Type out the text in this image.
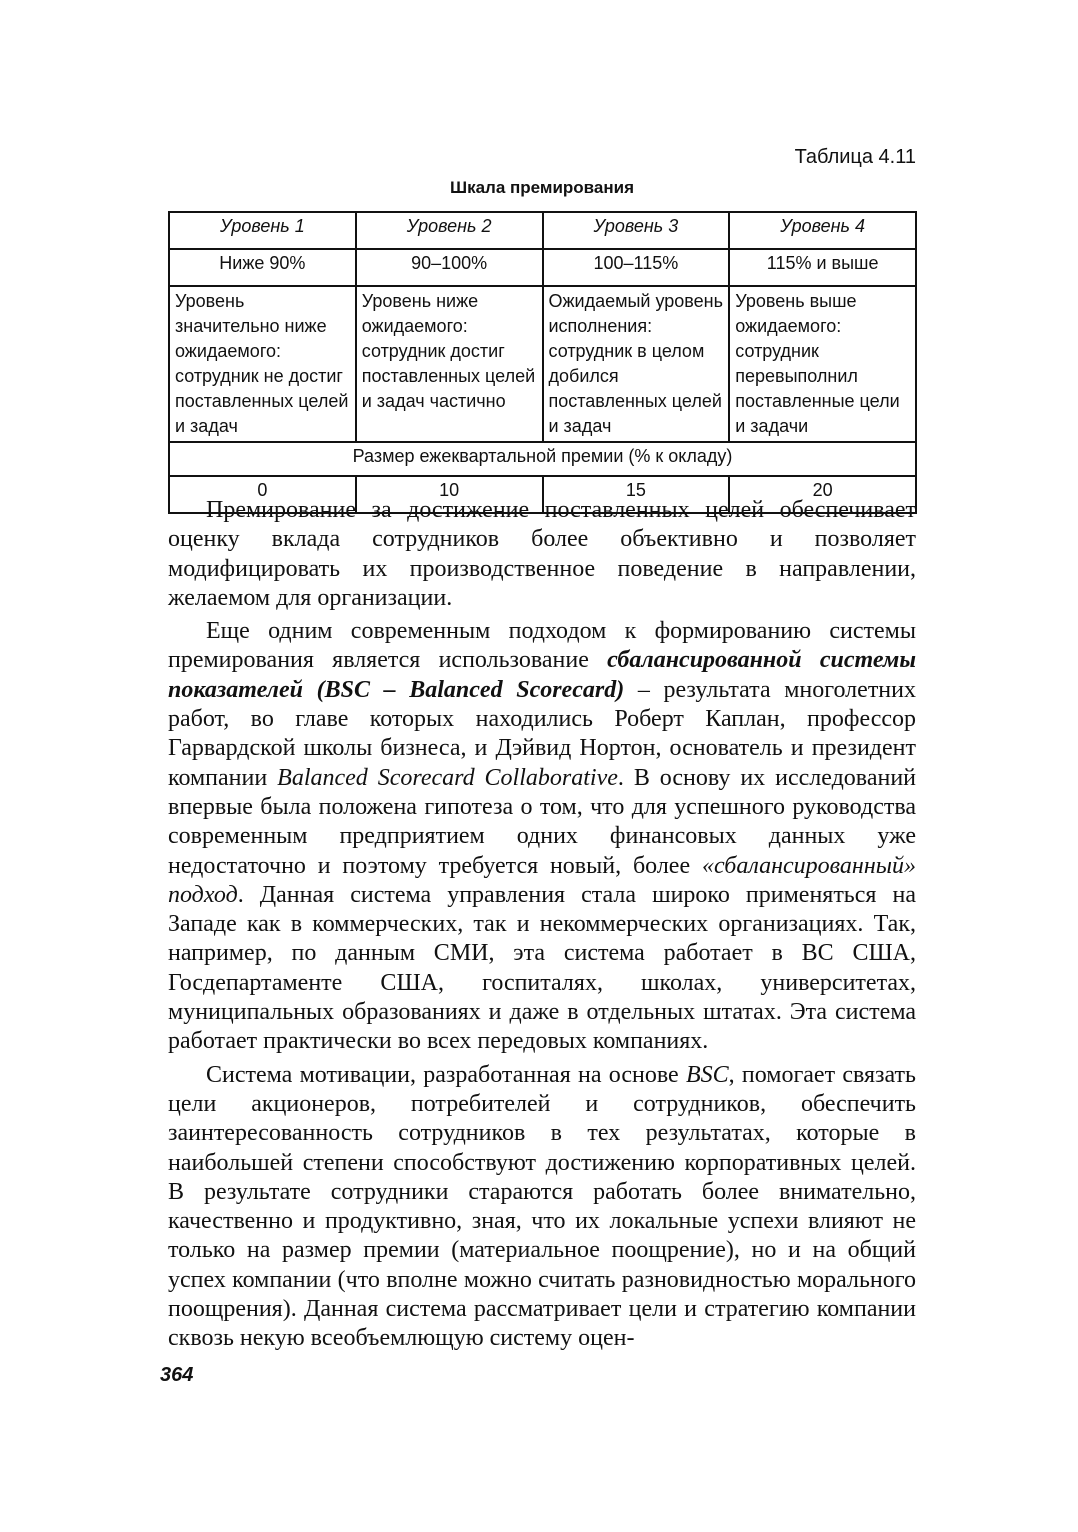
Таблица 4.11
Шкала премирования
Уровень 1	Уровень 2	Уровень 3	Уровень 4
Ниже 90%	90–100%	100–115%	115% и выше
Уровень значительно ниже ожидаемого: сотрудник не достиг поставленных целей и задач	Уровень ниже ожидаемого: сотрудник достиг поставленных целей и задач частично	Ожидаемый уровень исполнения: сотрудник в целом добился поставленных целей и задач	Уровень выше ожидаемого: сотрудник перевыполнил поставленные цели и задачи
Размер ежеквартальной премии (% к окладу)			
0	10	15	20

Премирование за достижение поставленных целей обеспечивает оценку вклада сотрудников более объективно и позволяет модифицировать их производственное поведение в направлении, желаемом для организации.

Еще одним современным подходом к формированию системы премирования является использование сбалансированной системы показателей (BSC – Balanced Scorecard) – результата многолетних работ, во главе которых находились Роберт Каплан, профессор Гарвардской школы бизнеса, и Дэйвид Нортон, основатель и президент компании Balanced Scorecard Collaborative. В основу их исследований впервые была положена гипотеза о том, что для успешного руководства современным предприятием одних финансовых данных уже недостаточно и поэтому требуется новый, более «сбалансированный» подход. Данная система управления стала широко применяться на Западе как в коммерческих, так и некоммерческих организациях. Так, например, по данным СМИ, эта система работает в ВС США, Госдепартаменте США, госпиталях, школах, университетах, муниципальных образованиях и даже в отдельных штатах. Эта система работает практически во всех передовых компаниях.

Система мотивации, разработанная на основе BSC, помогает связать цели акционеров, потребителей и сотрудников, обеспечить заинтересованность сотрудников в тех результатах, которые в наибольшей степени способствуют достижению корпоративных целей. В результате сотрудники стараются работать более внимательно, качественно и продуктивно, зная, что их локальные успехи влияют не только на размер премии (материальное поощрение), но и на общий успех компании (что вполне можно считать разновидностью морального поощрения). Данная система рассматривает цели и стратегию компании сквозь некую всеобъемлющую систему оцен-

364
